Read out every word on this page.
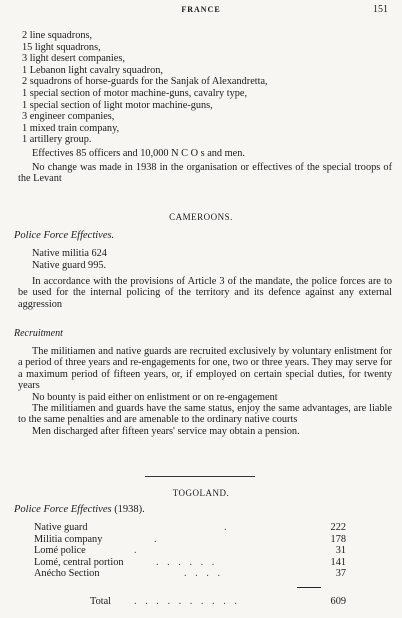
FRANCE	151
2 line squadrons,
15 light squadrons,
3 light desert companies,
1 Lebanon light cavalry squadron,
2 squadrons of horse-guards for the Sanjak of Alexandretta,
1 special section of motor machine-guns, cavalry type,
1 special section of light motor machine-guns,
3 engineer companies,
1 mixed train company,
1 artillery group.
Effectives 85 officers and 10,000 N C O s and men.

No change was made in 1938 in the organisation or effectives of the special troops of the Levant

CAMEROONS.
Police Force Effectives.
Native militia 624
Native guard 995.

In accordance with the provisions of Article 3 of the mandate, the police forces are to be used for the internal policing of the territory and its defence against any external aggression

Recruitment

The militiamen and native guards are recruited exclusively by voluntary enlistment for a period of three years and re-engagements for one, two or three years. They may serve for a maximum period of fifteen years, or, if employed on certain special duties, for twenty years

No bounty is paid either on enlistment or on re-engagement

The militiamen and guards have the same status, enjoy the same advantages, are liable to the same penalties and are amenable to the ordinary native courts

Men discharged after fifteen years' service may obtain a pension.

TOGOLAND.
Police Force Effectives (1938).
Native guard	.	222
Militia company	.	178
Lomé police	.	31
Lomé, central portion	. . . . . .	141
Anécho Section	. . . .	37
Total . . . . . . . . . .	609
